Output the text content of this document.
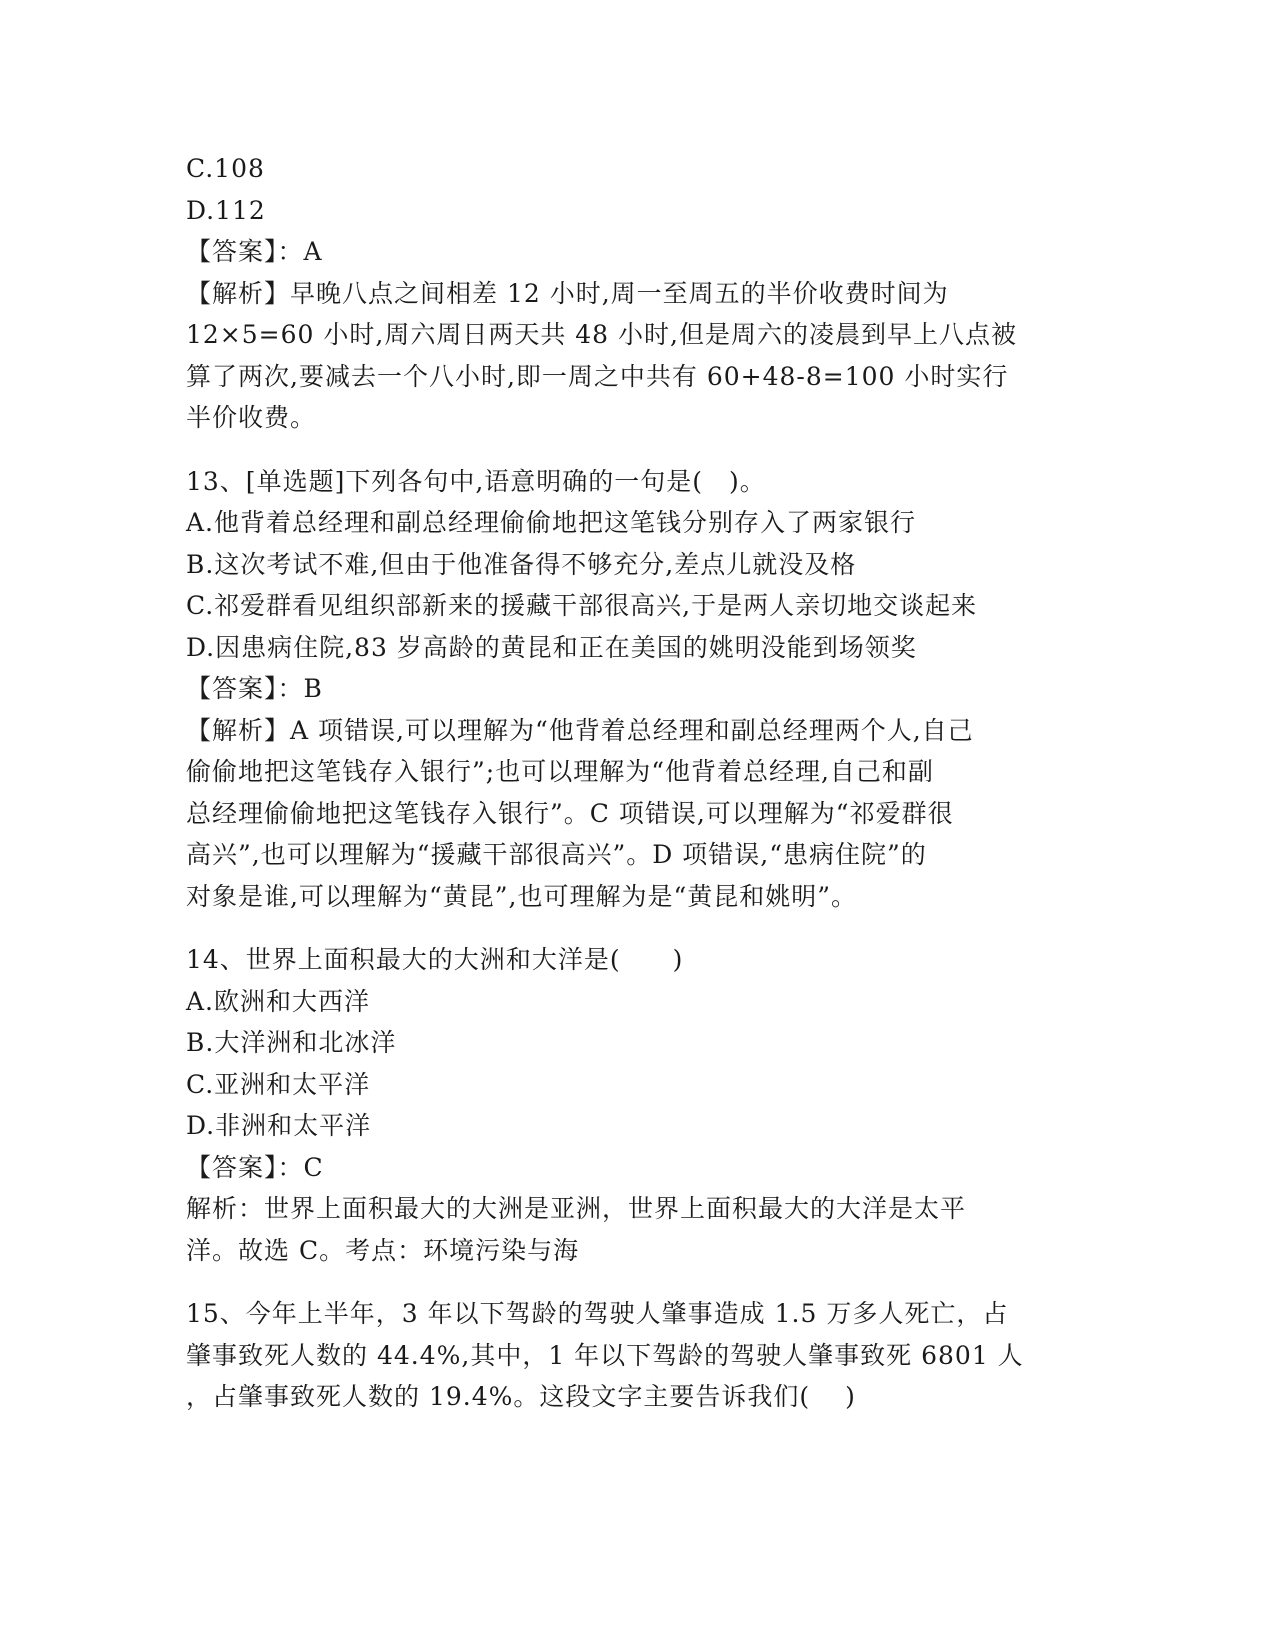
C.108
D.112
【答案】：A
【解析】早晚八点之间相差 12 小时,周一至周五的半价收费时间为
12×5=60 小时,周六周日两天共 48 小时,但是周六的凌晨到早上八点被
算了两次,要减去一个八小时,即一周之中共有 60+48-8=100 小时实行
半价收费。
13、[单选题]下列各句中,语意明确的一句是(　)。
A.他背着总经理和副总经理偷偷地把这笔钱分别存入了两家银行
B.这次考试不难,但由于他准备得不够充分,差点儿就没及格
C.祁爱群看见组织部新来的援藏干部很高兴,于是两人亲切地交谈起来
D.因患病住院,83 岁高龄的黄昆和正在美国的姚明没能到场领奖
【答案】：B
【解析】A 项错误,可以理解为“他背着总经理和副总经理两个人,自己
偷偷地把这笔钱存入银行”;也可以理解为“他背着总经理,自己和副
总经理偷偷地把这笔钱存入银行”。C 项错误,可以理解为“祁爱群很
高兴”,也可以理解为“援藏干部很高兴”。D 项错误,“患病住院”的
对象是谁,可以理解为“黄昆”,也可理解为是“黄昆和姚明”。
14、世界上面积最大的大洲和大洋是(　　)
A.欧洲和大西洋
B.大洋洲和北冰洋
C.亚洲和太平洋
D.非洲和太平洋
【答案】：C
解析：世界上面积最大的大洲是亚洲，世界上面积最大的大洋是太平
洋。故选 C。考点：环境污染与海
15、今年上半年，3 年以下驾龄的驾驶人肇事造成 1.5 万多人死亡，占
肇事致死人数的 44.4%,其中，1 年以下驾龄的驾驶人肇事致死 6801 人
，占肇事致死人数的 19.4%。这段文字主要告诉我们(　 )
